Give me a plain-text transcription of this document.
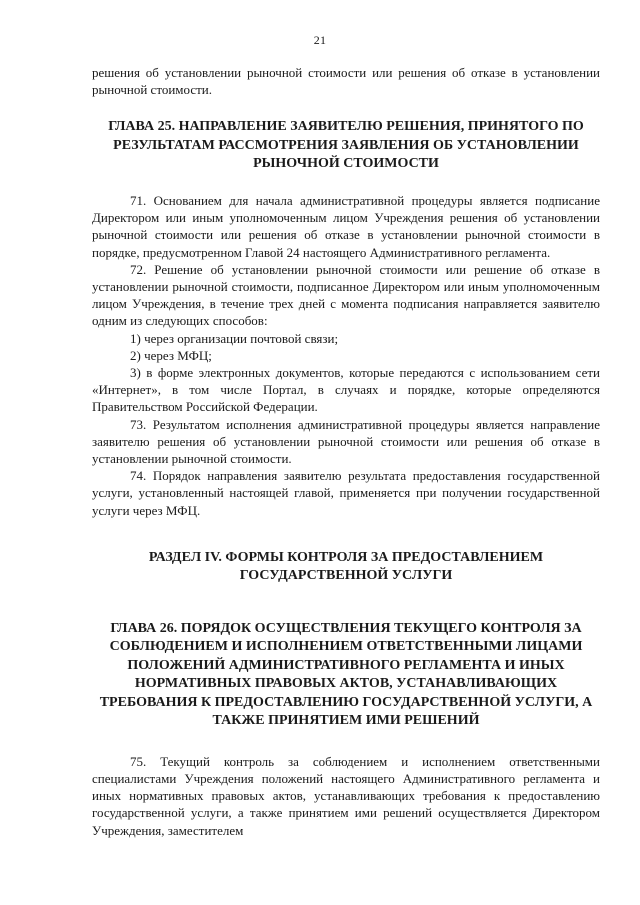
21

решения об установлении рыночной стоимости или решения об отказе в установлении рыночной стоимости.

ГЛАВА 25. НАПРАВЛЕНИЕ ЗАЯВИТЕЛЮ РЕШЕНИЯ, ПРИНЯТОГО ПО РЕЗУЛЬТАТАМ РАССМОТРЕНИЯ ЗАЯВЛЕНИЯ ОБ УСТАНОВЛЕНИИ РЫНОЧНОЙ СТОИМОСТИ

71. Основанием для начала административной процедуры является подписание Директором или иным уполномоченным лицом Учреждения решения об установлении рыночной стоимости или решения об отказе в установлении рыночной стоимости в порядке, предусмотренном Главой 24 настоящего Административного регламента.

72. Решение об установлении рыночной стоимости или решение об отказе в установлении рыночной стоимости, подписанное Директором или иным уполномоченным лицом Учреждения, в течение трех дней с момента подписания направляется заявителю одним из следующих способов:

1) через организации почтовой связи;

2) через МФЦ;

3) в форме электронных документов, которые передаются с использованием сети «Интернет», в том числе Портал, в случаях и порядке, которые определяются Правительством Российской Федерации.

73. Результатом исполнения административной процедуры является направление заявителю решения об установлении рыночной стоимости или решения об отказе в установлении рыночной стоимости.

74. Порядок направления заявителю результата предоставления государственной услуги, установленный настоящей главой, применяется при получении государственной услуги через МФЦ.

РАЗДЕЛ IV. ФОРМЫ КОНТРОЛЯ ЗА ПРЕДОСТАВЛЕНИЕМ ГОСУДАРСТВЕННОЙ УСЛУГИ
ГЛАВА 26. ПОРЯДОК ОСУЩЕСТВЛЕНИЯ ТЕКУЩЕГО КОНТРОЛЯ ЗА СОБЛЮДЕНИЕМ И ИСПОЛНЕНИЕМ ОТВЕТСТВЕННЫМИ ЛИЦАМИ ПОЛОЖЕНИЙ АДМИНИСТРАТИВНОГО РЕГЛАМЕНТА И ИНЫХ НОРМАТИВНЫХ ПРАВОВЫХ АКТОВ, УСТАНАВЛИВАЮЩИХ ТРЕБОВАНИЯ К ПРЕДОСТАВЛЕНИЮ ГОСУДАРСТВЕННОЙ УСЛУГИ, А ТАКЖЕ ПРИНЯТИЕМ ИМИ РЕШЕНИЙ

75. Текущий контроль за соблюдением и исполнением ответственными специалистами Учреждения положений настоящего Административного регламента и иных нормативных правовых актов, устанавливающих требования к предоставлению государственной услуги, а также принятием ими решений осуществляется Директором Учреждения, заместителем
